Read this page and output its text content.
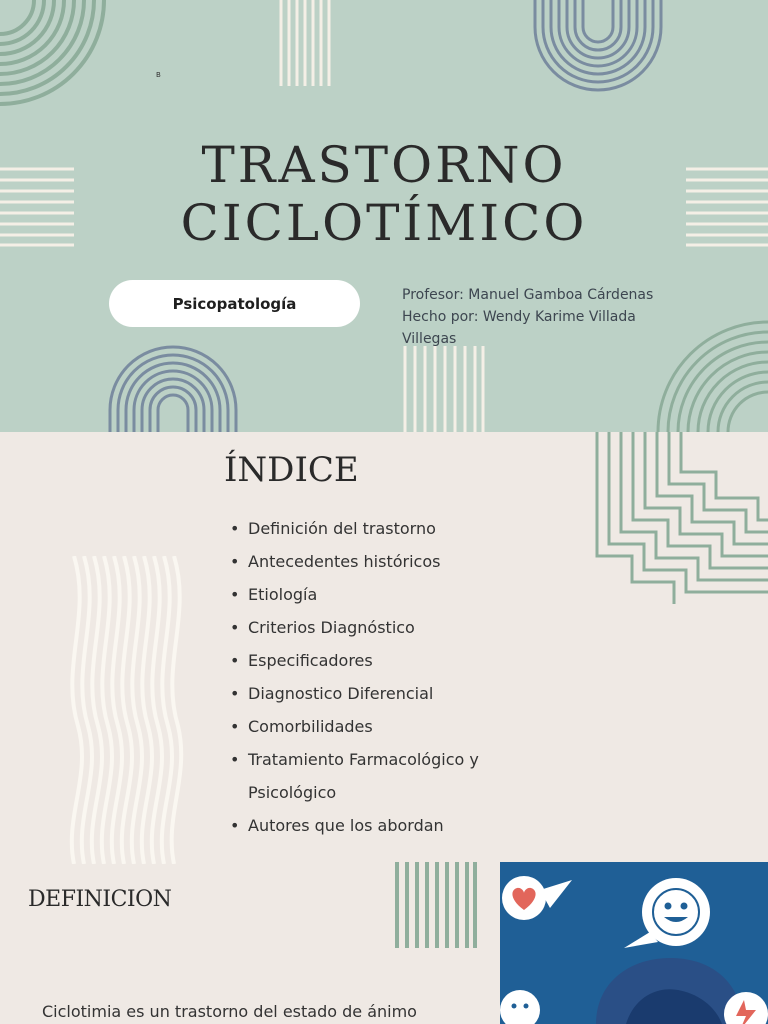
B
TRASTORNO
CICLOTÍMICO
Psicopatología	Profesor: Manuel Gamboa Cárdenas
Hecho por: Wendy Karime Villada
Villegas
ÍNDICE
• Definición del trastorno
• Antecedentes históricos
• Etiología
• Criterios Diagnóstico
• Especificadores
• Diagnostico Diferencial
• Comorbilidades
• Tratamiento Farmacológico y Psicológico
• Autores que los abordan
DEFINICION
Ciclotimia es un trastorno del estado de ánimo
